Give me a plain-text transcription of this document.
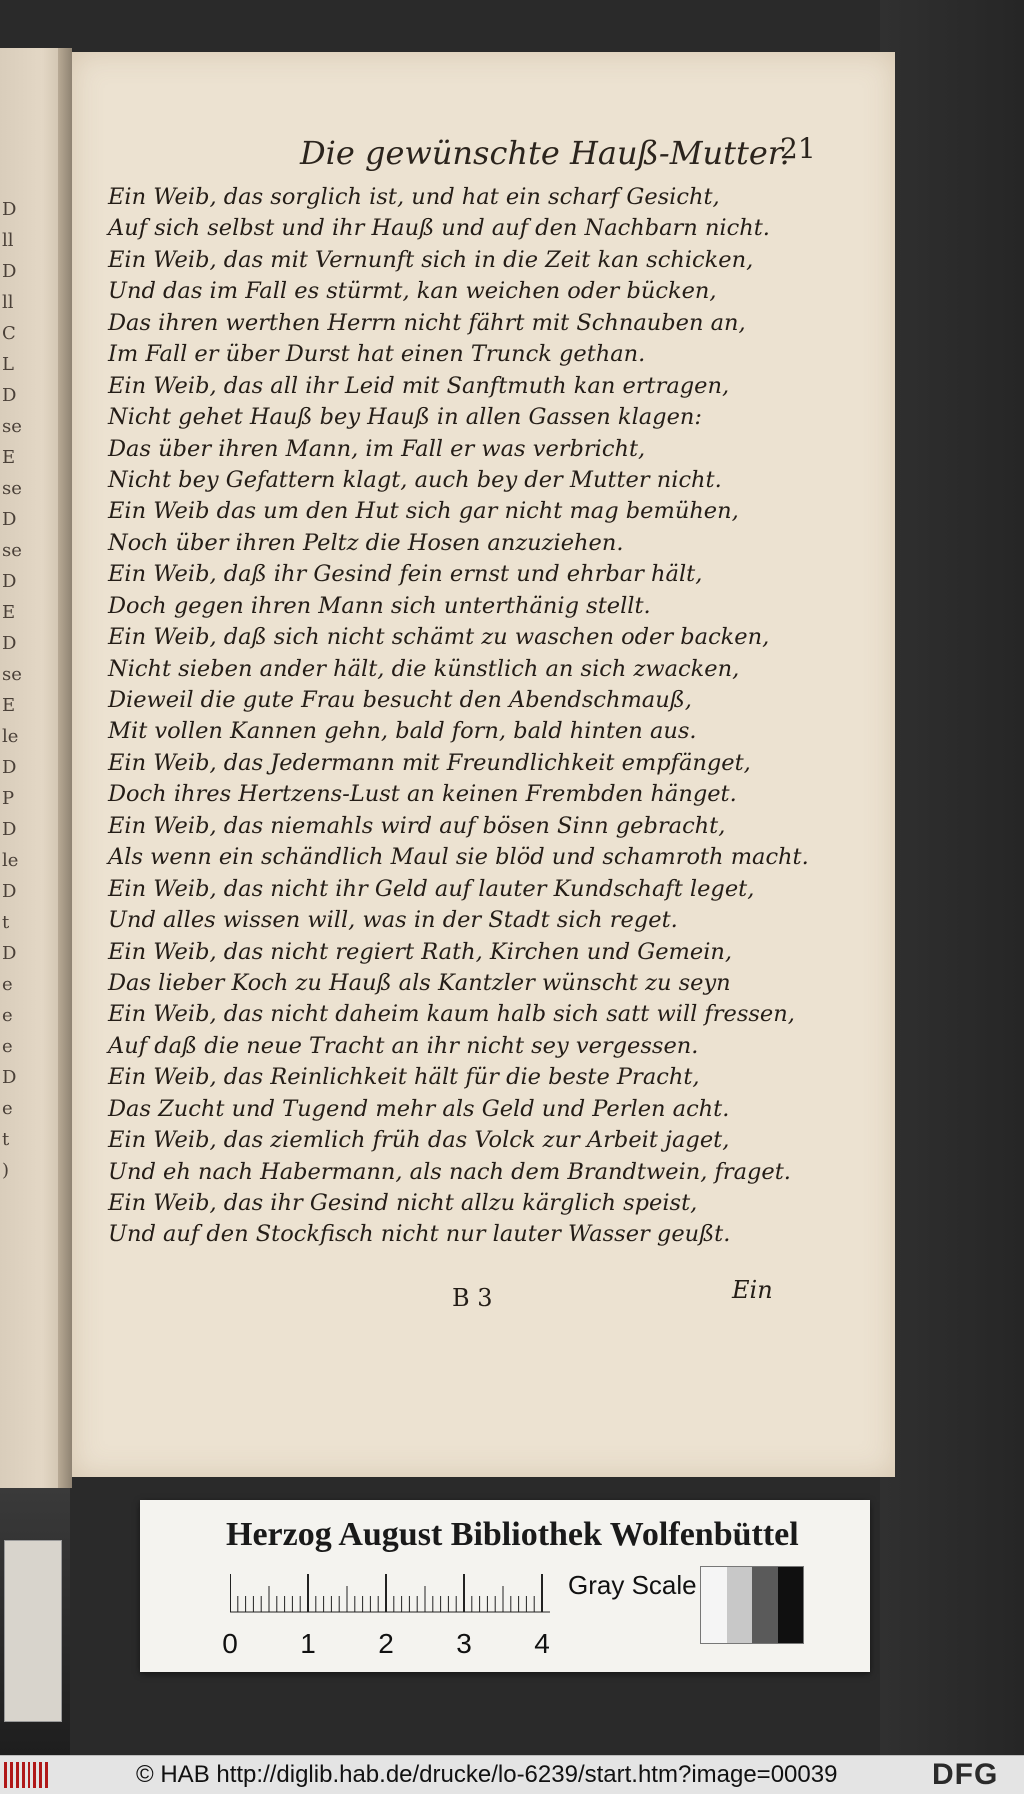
D
ll
D
ll
C
L
D
se
E
se
D
se
D
E
D
se
E
le
D
P
D
le
D
t
D
e
e
e
D
e
t
)
Die gewünschte Hauß-Mutter.
21
Ein Weib, das sorglich ist, und hat ein scharf Gesicht,
Auf sich selbst und ihr Hauß und auf den Nachbarn nicht.
Ein Weib, das mit Vernunft sich in die Zeit kan schicken,
Und das im Fall es stürmt, kan weichen oder bücken,
Das ihren werthen Herrn nicht fährt mit Schnauben an,
Im Fall er über Durst hat einen Trunck gethan.
Ein Weib, das all ihr Leid mit Sanftmuth kan ertragen,
Nicht gehet Hauß bey Hauß in allen Gassen klagen:
Das über ihren Mann, im Fall er was verbricht,
Nicht bey Gefattern klagt, auch bey der Mutter nicht.
Ein Weib das um den Hut sich gar nicht mag bemühen,
Noch über ihren Peltz die Hosen anzuziehen.
Ein Weib, daß ihr Gesind fein ernst und ehrbar hält,
Doch gegen ihren Mann sich unterthänig stellt.
Ein Weib, daß sich nicht schämt zu waschen oder backen,
Nicht sieben ander hält, die künstlich an sich zwacken,
Dieweil die gute Frau besucht den Abendschmauß,
Mit vollen Kannen gehn, bald forn, bald hinten aus.
Ein Weib, das Jedermann mit Freundlichkeit empfänget,
Doch ihres Hertzens-Lust an keinen Frembden hänget.
Ein Weib, das niemahls wird auf bösen Sinn gebracht,
Als wenn ein schändlich Maul sie blöd und schamroth macht.
Ein Weib, das nicht ihr Geld auf lauter Kundschaft leget,
Und alles wissen will, was in der Stadt sich reget.
Ein Weib, das nicht regiert Rath, Kirchen und Gemein,
Das lieber Koch zu Hauß als Kantzler wünscht zu seyn
Ein Weib, das nicht daheim kaum halb sich satt will fressen,
Auf daß die neue Tracht an ihr nicht sey vergessen.
Ein Weib, das Reinlichkeit hält für die beste Pracht,
Das Zucht und Tugend mehr als Geld und Perlen acht.
Ein Weib, das ziemlich früh das Volck zur Arbeit jaget,
Und eh nach Habermann, als nach dem Brandtwein, fraget.
Ein Weib, das ihr Gesind nicht allzu kärglich speist,
Und auf den Stockfisch nicht nur lauter Wasser geußt.
B 3	Ein
Herzog August Bibliothek Wolfenbüttel
0 1 2 3 4
Gray Scale
© HAB http://diglib.hab.de/drucke/lo-6239/start.htm?image=00039	DFG
